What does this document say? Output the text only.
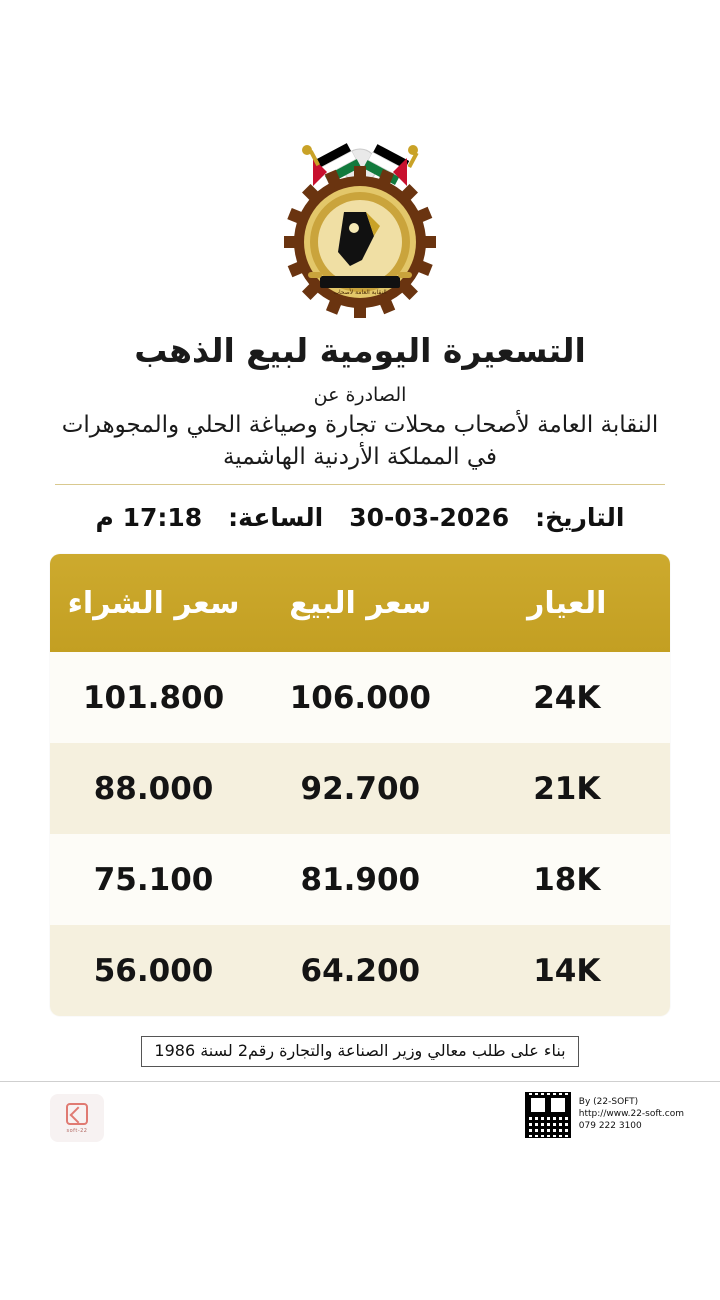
النقابة العامة لأصحاب
التسعيرة اليومية لبيع الذهب
الصادرة عن
النقابة العامة لأصحاب محلات تجارة وصياغة الحلي والمجوهرات
في المملكة الأردنية الهاشمية
التاريخ:
30-03-2026
الساعة:
17:18 م
العيار
سعر البيع
سعر الشراء
24K
106.000
101.800
21K
92.700
88.000
18K
81.900
75.100
14K
64.200
56.000
بناء على طلب معالي وزير الصناعة والتجارة رقم2 لسنة 1986
22-soft
By (22-SOFT)
http://www.22-soft.com
079 222 3100
